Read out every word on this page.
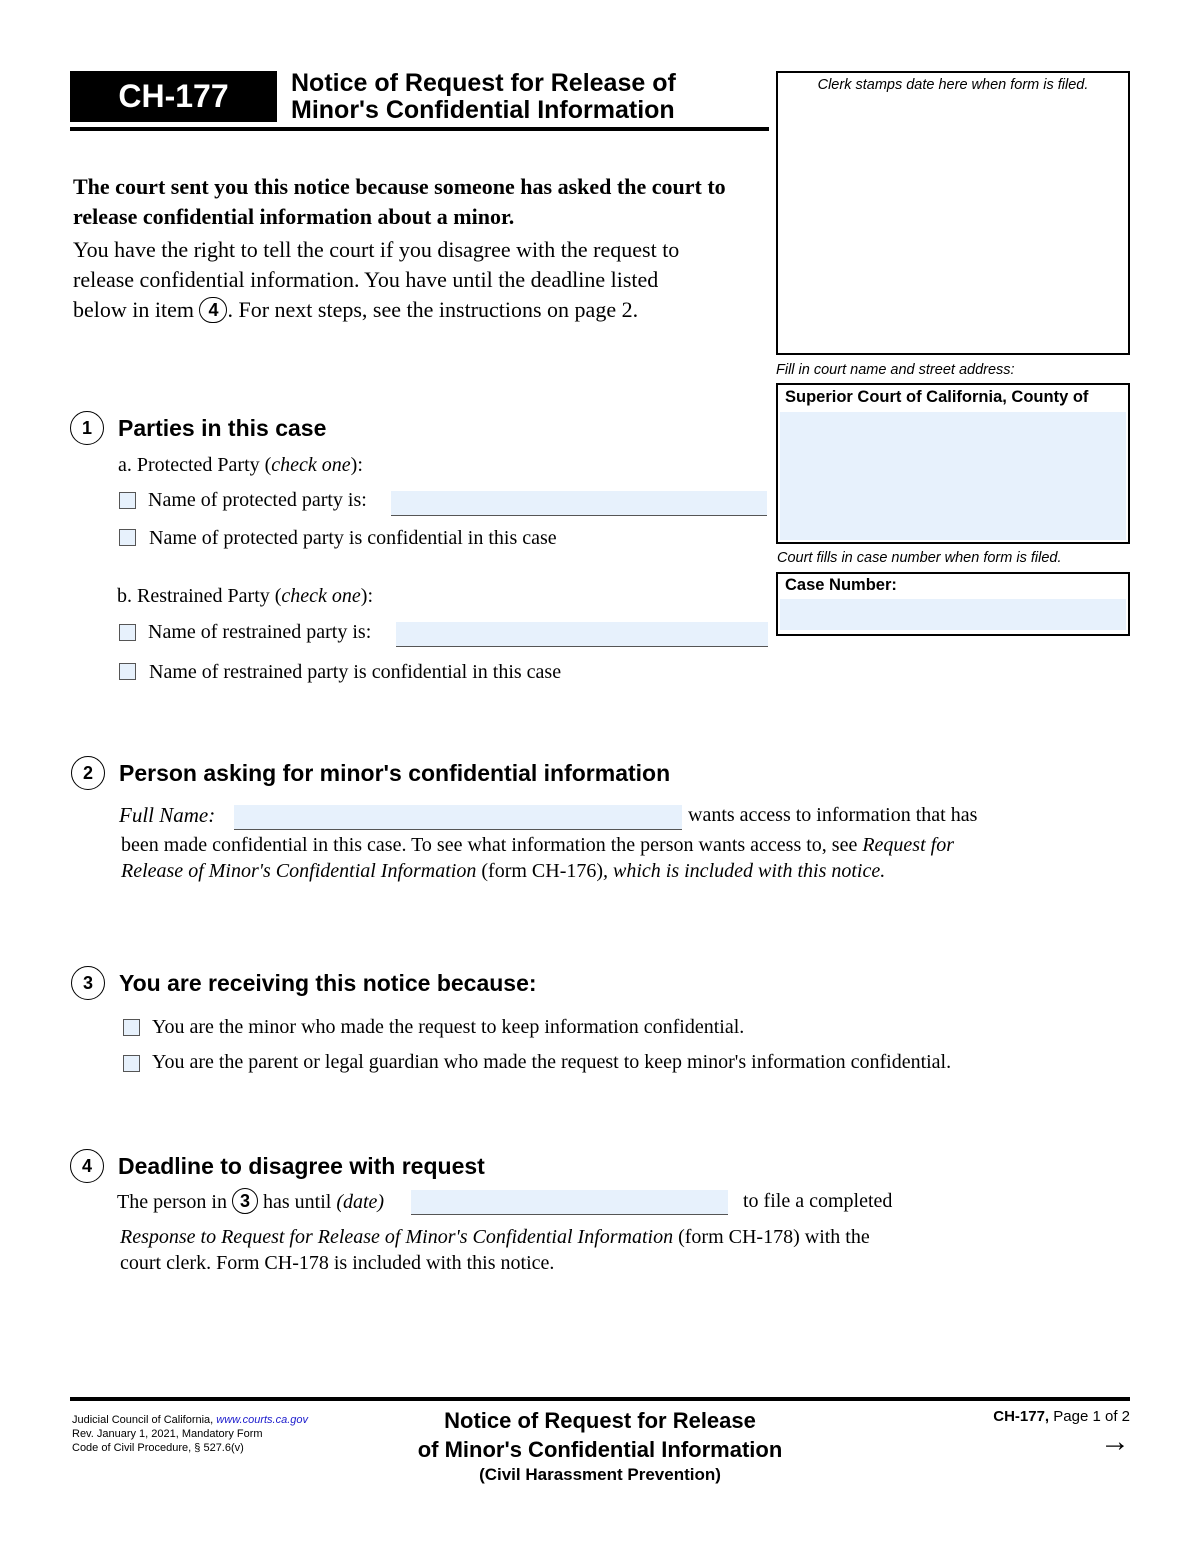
CH-177	Notice of Request for Release of
Minor's Confidential Information
The court sent you this notice because someone has asked the court to release confidential information about a minor.
You have the right to tell the court if you disagree with the request to
release confidential information. You have until the deadline listed
below in item 4 . For next steps, see the instructions on page 2.
Clerk stamps date here when form is filed.
Fill in court name and street address:
Superior Court of California, County of
Court fills in case number when form is filed.
Case Number:
1	Parties in this case
a. Protected Party (check one):
Name of protected party is:
Name of protected party is confidential in this case
b. Restrained Party (check one):
Name of restrained party is:
Name of restrained party is confidential in this case
2	Person asking for minor's confidential information
Full Name:	wants access to information that has
been made confidential in this case. To see what information the person wants access to, see Request for
Release of Minor's Confidential Information (form CH-176), which is included with this notice.
3	You are receiving this notice because:
You are the minor who made the request to keep information confidential.
You are the parent or legal guardian who made the request to keep minor's information confidential.
4	Deadline to disagree with request
The person in 3 has until (date)	to file a completed
Response to Request for Release of Minor's Confidential Information (form CH-178) with the
court clerk. Form CH-178 is included with this notice.
Judicial Council of California, www.courts.ca.gov
Rev. January 1, 2021, Mandatory Form
Code of Civil Procedure, § 527.6(v)
Notice of Request for Release
of Minor's Confidential Information
(Civil Harassment Prevention)
CH-177, Page 1 of 2
→
